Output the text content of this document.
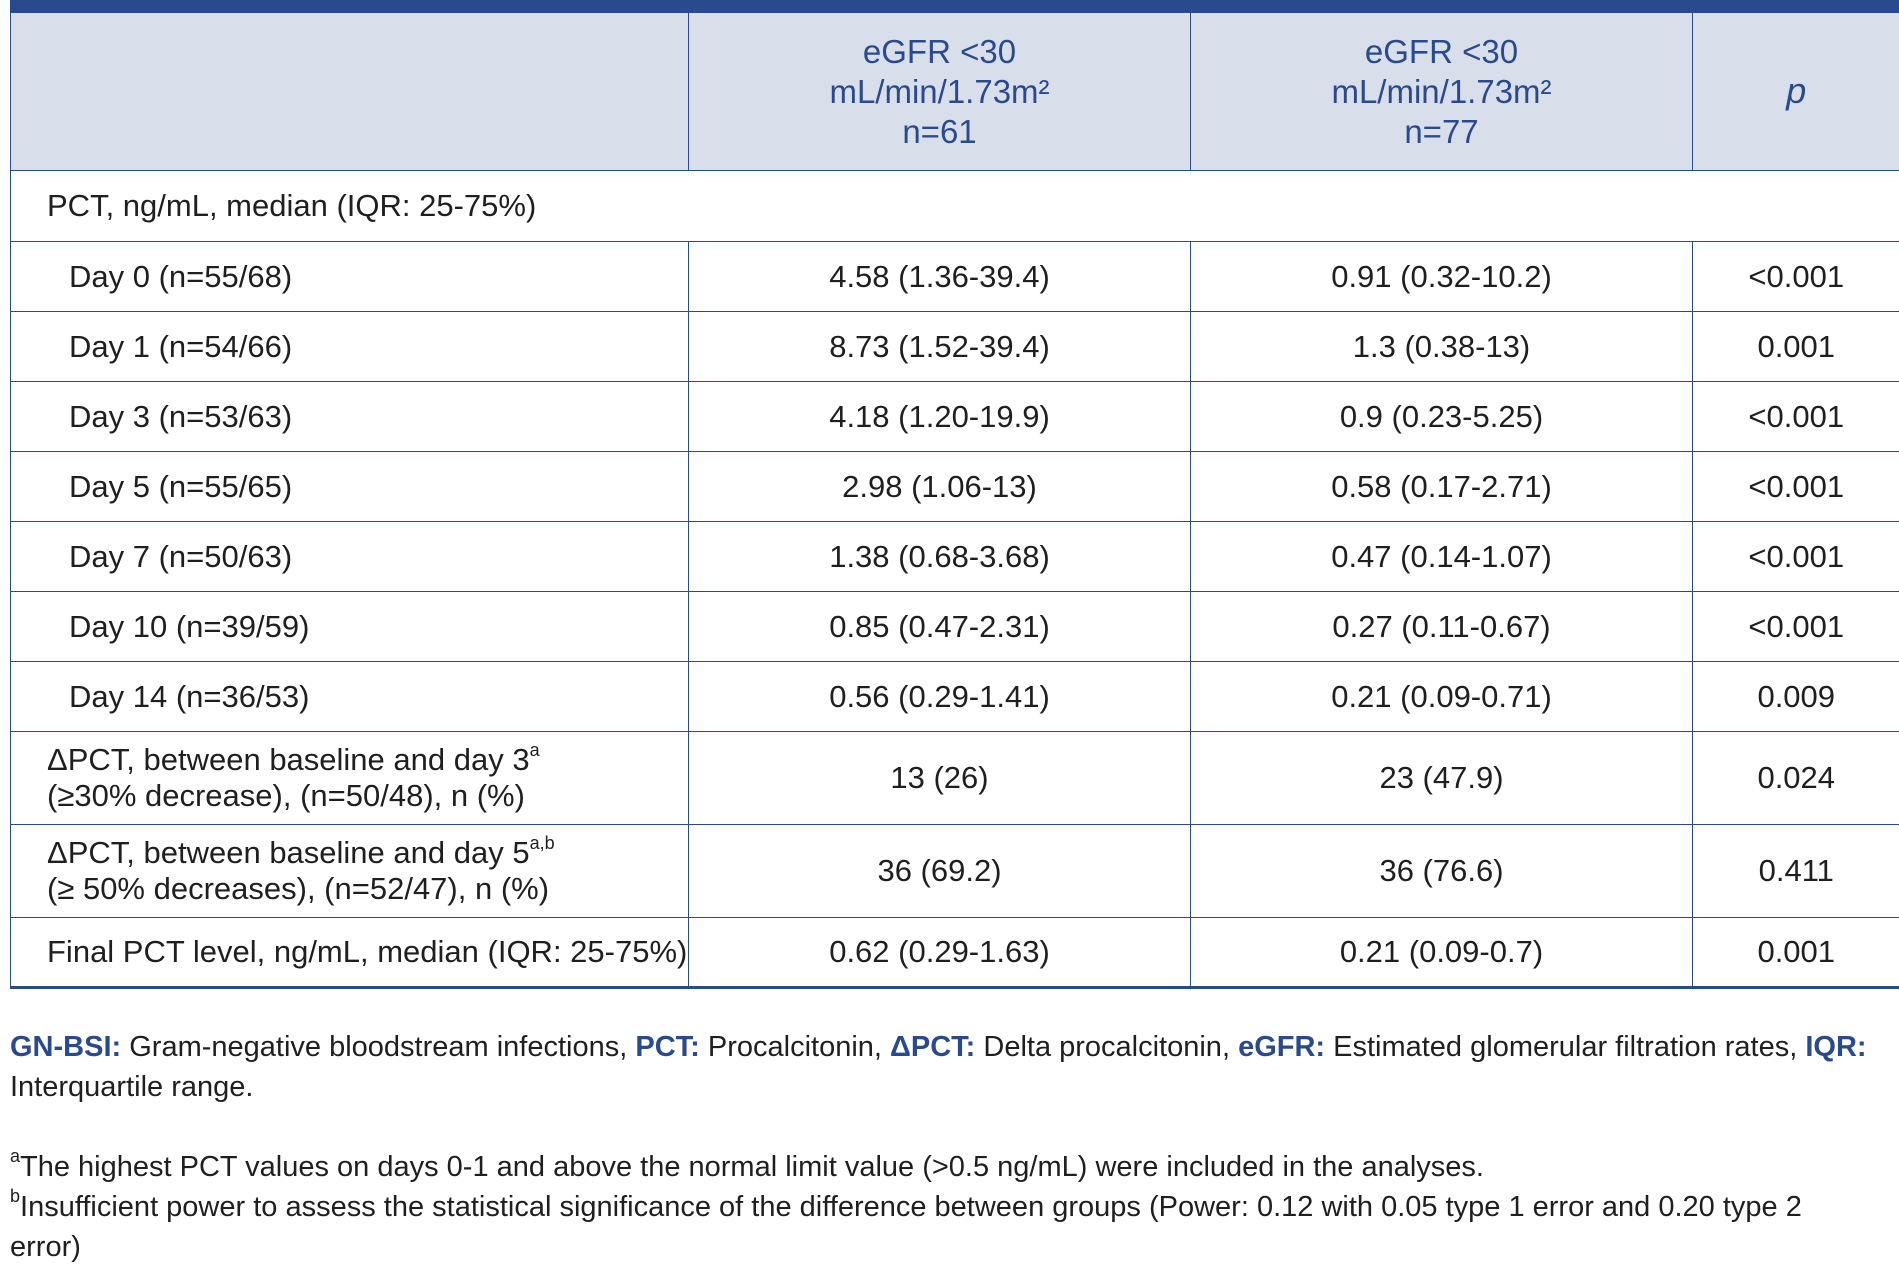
	eGFR <30
mL/min/1.73m²
n=61	eGFR <30
mL/min/1.73m²
n=77	p
PCT, ng/mL, median (IQR: 25-75%)			
Day 0 (n=55/68)	4.58 (1.36-39.4)	0.91 (0.32-10.2)	<0.001
Day 1 (n=54/66)	8.73 (1.52-39.4)	1.3 (0.38-13)	0.001
Day 3 (n=53/63)	4.18 (1.20-19.9)	0.9 (0.23-5.25)	<0.001
Day 5 (n=55/65)	2.98 (1.06-13)	0.58 (0.17-2.71)	<0.001
Day 7 (n=50/63)	1.38 (0.68-3.68)	0.47 (0.14-1.07)	<0.001
Day 10 (n=39/59)	0.85 (0.47-2.31)	0.27 (0.11-0.67)	<0.001
Day 14 (n=36/53)	0.56 (0.29-1.41)	0.21 (0.09-0.71)	0.009
ΔPCT, between baseline and day 3$^a$
(≥30% decrease), (n=50/48), n (%)	13 (26)	23 (47.9)	0.024
ΔPCT, between baseline and day 5$^{a,b}$
(≥ 50% decreases), (n=52/47), n (%)	36 (69.2)	36 (76.6)	0.411
Final PCT level, ng/mL, median (IQR: 25-75%)	0.62 (0.29-1.63)	0.21 (0.09-0.7)	0.001

GN-BSI: Gram-negative bloodstream infections, PCT: Procalcitonin, ΔPCT: Delta procalcitonin, eGFR: Estimated glomerular filtration rates, IQR: Interquartile range.

$^a$The highest PCT values on days 0-1 and above the normal limit value (>0.5 ng/mL) were included in the analyses.

$^b$Insufficient power to assess the statistical significance of the difference between groups (Power: 0.12 with 0.05 type 1 error and 0.20 type 2 error)
